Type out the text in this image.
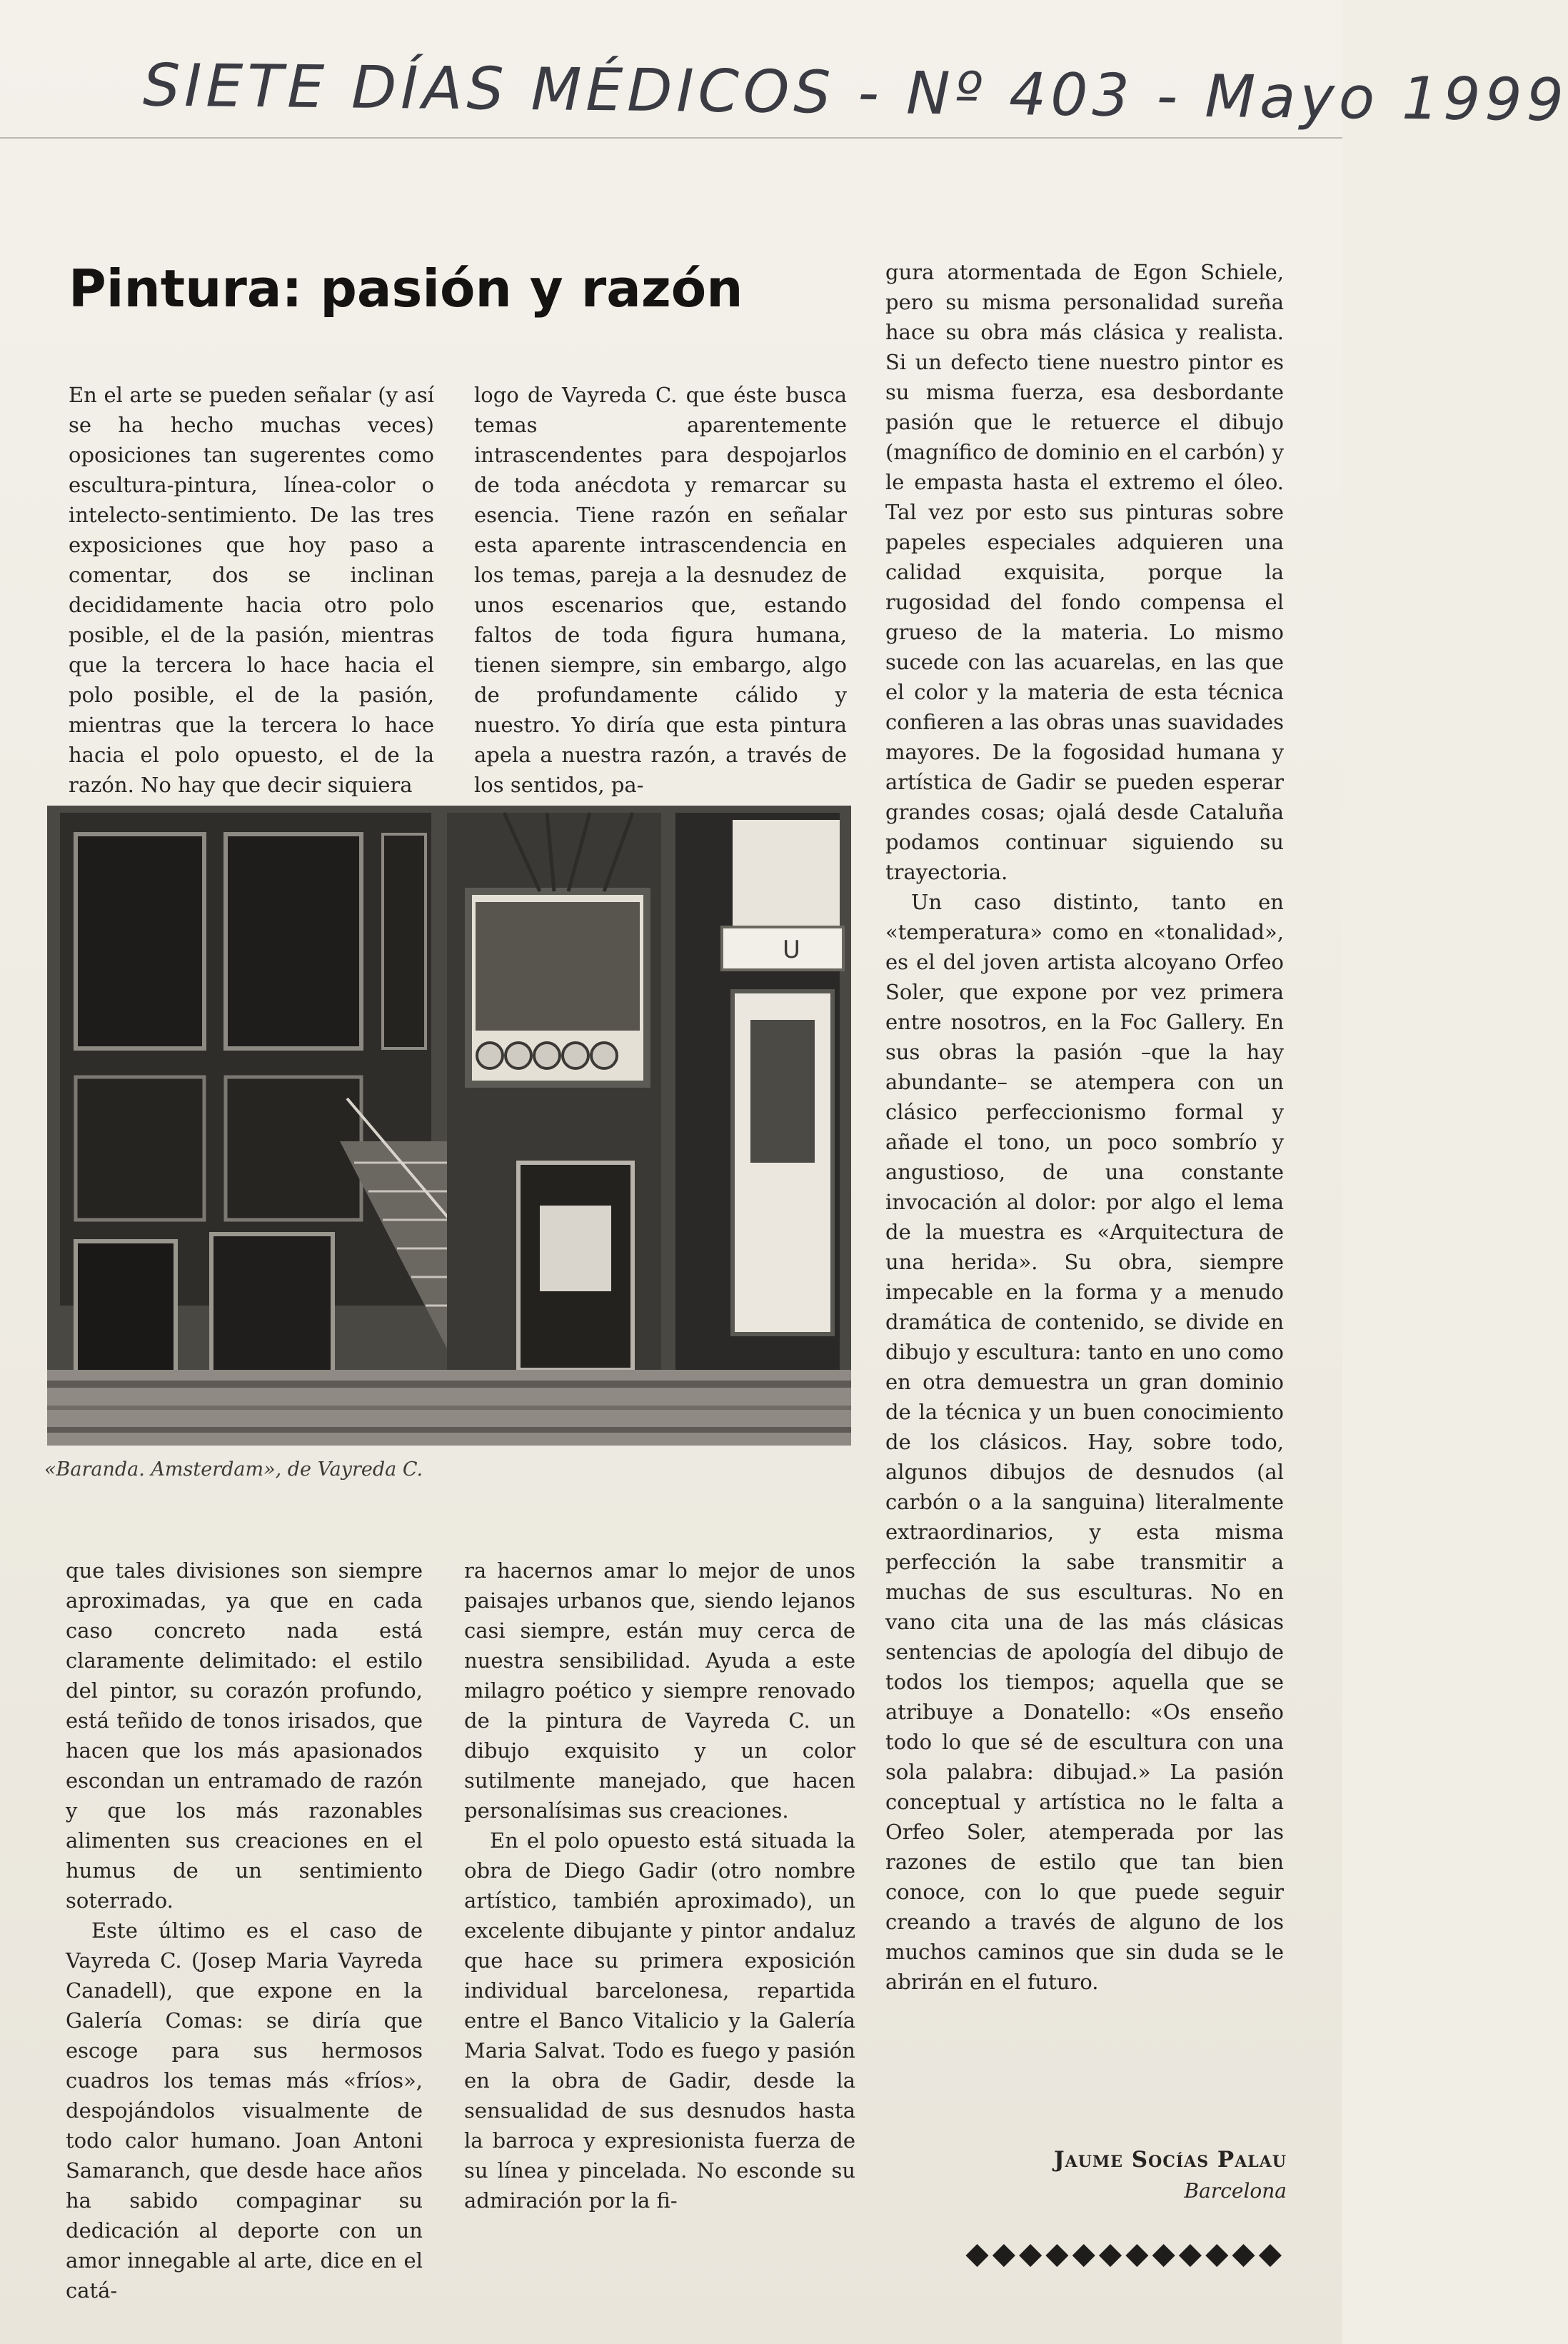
SIETE DÍAS MÉDICOS - Nº 403 - Mayo 1999
Pintura: pasión y razón

En el arte se pueden señalar (y así se ha hecho muchas veces) oposiciones tan sugerentes como escultura-pintura, línea-color o intelecto-sentimiento. De las tres exposiciones que hoy paso a comentar, dos se inclinan decididamente hacia otro polo posible, el de la pasión, mientras que la tercera lo hace hacia el polo posible, el de la pasión, mientras que la tercera lo hace hacia el polo opuesto, el de la razón. No hay que decir siquiera

logo de Vayreda C. que éste busca temas aparentemente intrascendentes para despojarlos de toda anécdota y remarcar su esencia. Tiene razón en señalar esta aparente intrascendencia en los temas, pareja a la desnudez de unos escenarios que, estando faltos de toda figura humana, tienen siempre, sin embargo, algo de profundamente cálido y nuestro. Yo diría que esta pintura apela a nuestra razón, a través de los sentidos, pa-

U
«Baranda. Amsterdam», de Vayreda C.

que tales divisiones son siempre aproximadas, ya que en cada caso concreto nada está claramente delimitado: el estilo del pintor, su corazón profundo, está teñido de tonos irisados, que hacen que los más apasionados escondan un entramado de razón y que los más razonables alimenten sus creaciones en el humus de un sentimiento soterrado.

Este último es el caso de Vayreda C. (Josep Maria Vayreda Canadell), que expone en la Galería Comas: se diría que escoge para sus hermosos cuadros los temas más «fríos», despojándolos visualmente de todo calor humano. Joan Antoni Samaranch, que desde hace años ha sabido compaginar su dedicación al deporte con un amor innegable al arte, dice en el catá-

ra hacernos amar lo mejor de unos paisajes urbanos que, siendo lejanos casi siempre, están muy cerca de nuestra sensibilidad. Ayuda a este milagro poético y siempre renovado de la pintura de Vayreda C. un dibujo exquisito y un color sutilmente manejado, que hacen personalísimas sus creaciones.

En el polo opuesto está situada la obra de Diego Gadir (otro nombre artístico, también aproximado), un excelente dibujante y pintor andaluz que hace su primera exposición individual barcelonesa, repartida entre el Banco Vitalicio y la Galería Maria Salvat. Todo es fuego y pasión en la obra de Gadir, desde la sensualidad de sus desnudos hasta la barroca y expresionista fuerza de su línea y pincelada. No esconde su admiración por la fi-

gura atormentada de Egon Schiele, pero su misma personalidad sureña hace su obra más clásica y realista. Si un defecto tiene nuestro pintor es su misma fuerza, esa desbordante pasión que le retuerce el dibujo (magnífico de dominio en el carbón) y le empasta hasta el extremo el óleo. Tal vez por esto sus pinturas sobre papeles especiales adquieren una calidad exquisita, porque la rugosidad del fondo compensa el grueso de la materia. Lo mismo sucede con las acuarelas, en las que el color y la materia de esta técnica confieren a las obras unas suavidades mayores. De la fogosidad humana y artística de Gadir se pueden esperar grandes cosas; ojalá desde Cataluña podamos continuar siguiendo su trayectoria.

Un caso distinto, tanto en «temperatura» como en «tonalidad», es el del joven artista alcoyano Orfeo Soler, que expone por vez primera entre nosotros, en la Foc Gallery. En sus obras la pasión –que la hay abundante– se atempera con un clásico perfeccionismo formal y añade el tono, un poco sombrío y angustioso, de una constante invocación al dolor: por algo el lema de la muestra es «Arquitectura de una herida». Su obra, siempre impecable en la forma y a menudo dramática de contenido, se divide en dibujo y escultura: tanto en uno como en otra demuestra un gran dominio de la técnica y un buen conocimiento de los clásicos. Hay, sobre todo, algunos dibujos de desnudos (al carbón o a la sanguina) literalmente extraordinarios, y esta misma perfección la sabe transmitir a muchas de sus esculturas. No en vano cita una de las más clásicas sentencias de apología del dibujo de todos los tiempos; aquella que se atribuye a Donatello: «Os enseño todo lo que sé de escultura con una sola palabra: dibujad.» La pasión conceptual y artística no le falta a Orfeo Soler, atemperada por las razones de estilo que tan bien conoce, con lo que puede seguir creando a través de alguno de los muchos caminos que sin duda se le abrirán en el futuro.

Jaume Socías Palau
Barcelona
◆◆◆◆◆◆◆◆◆◆◆◆
